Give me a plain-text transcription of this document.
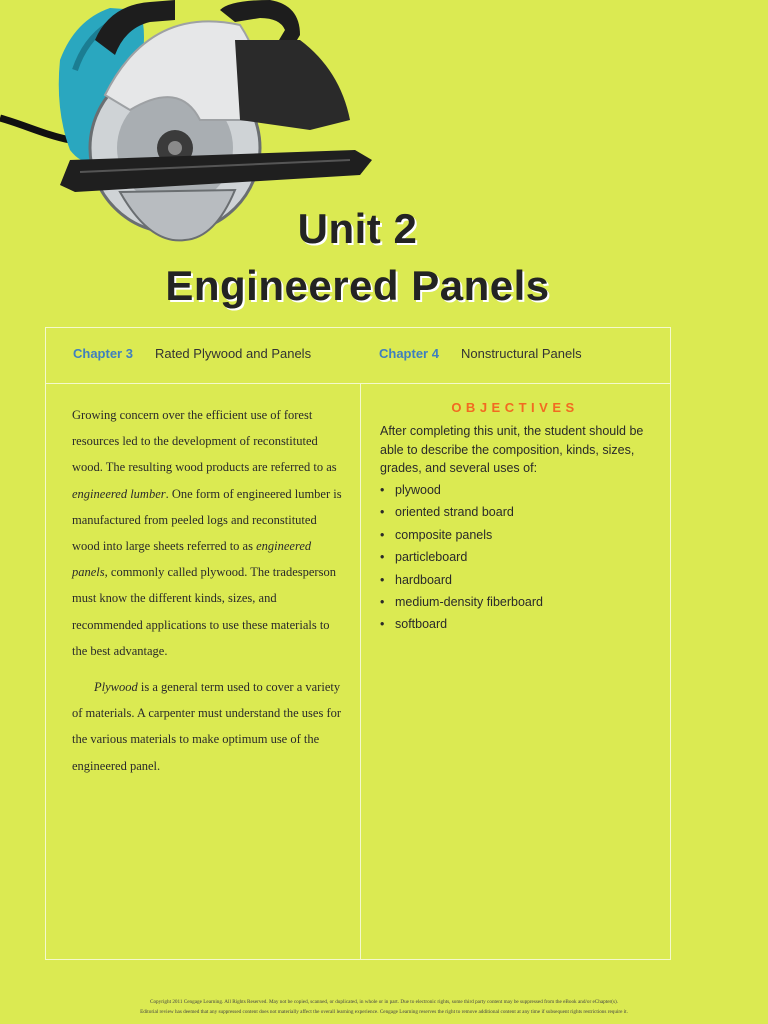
Unit 2
Engineered Panels
Chapter 3 Rated Plywood and Panels	Chapter 4 Nonstructural Panels

Growing concern over the efficient use of forest resources led to the development of reconstituted wood. The resulting wood products are referred to as engineered lumber. One form of engineered lumber is manufactured from peeled logs and reconstituted wood into large sheets referred to as engineered panels, commonly called plywood. The tradesperson must know the different kinds, sizes, and recommended applications to use these materials to the best advantage.

Plywood is a general term used to cover a variety of materials. A carpenter must understand the uses for the various materials to make optimum use of the engineered panel.

OBJECTIVES
After completing this unit, the student should be able to describe the composition, kinds, sizes, grades, and several uses of:
• plywood
• oriented strand board
• composite panels
• particleboard
• hardboard
• medium-density fiberboard
• softboard
Copyright 2011 Cengage Learning. All Rights Reserved. May not be copied, scanned, or duplicated, in whole or in part. Due to electronic rights, some third party content may be suppressed from the eBook and/or eChapter(s).
Editorial review has deemed that any suppressed content does not materially affect the overall learning experience. Cengage Learning reserves the right to remove additional content at any time if subsequent rights restrictions require it.
